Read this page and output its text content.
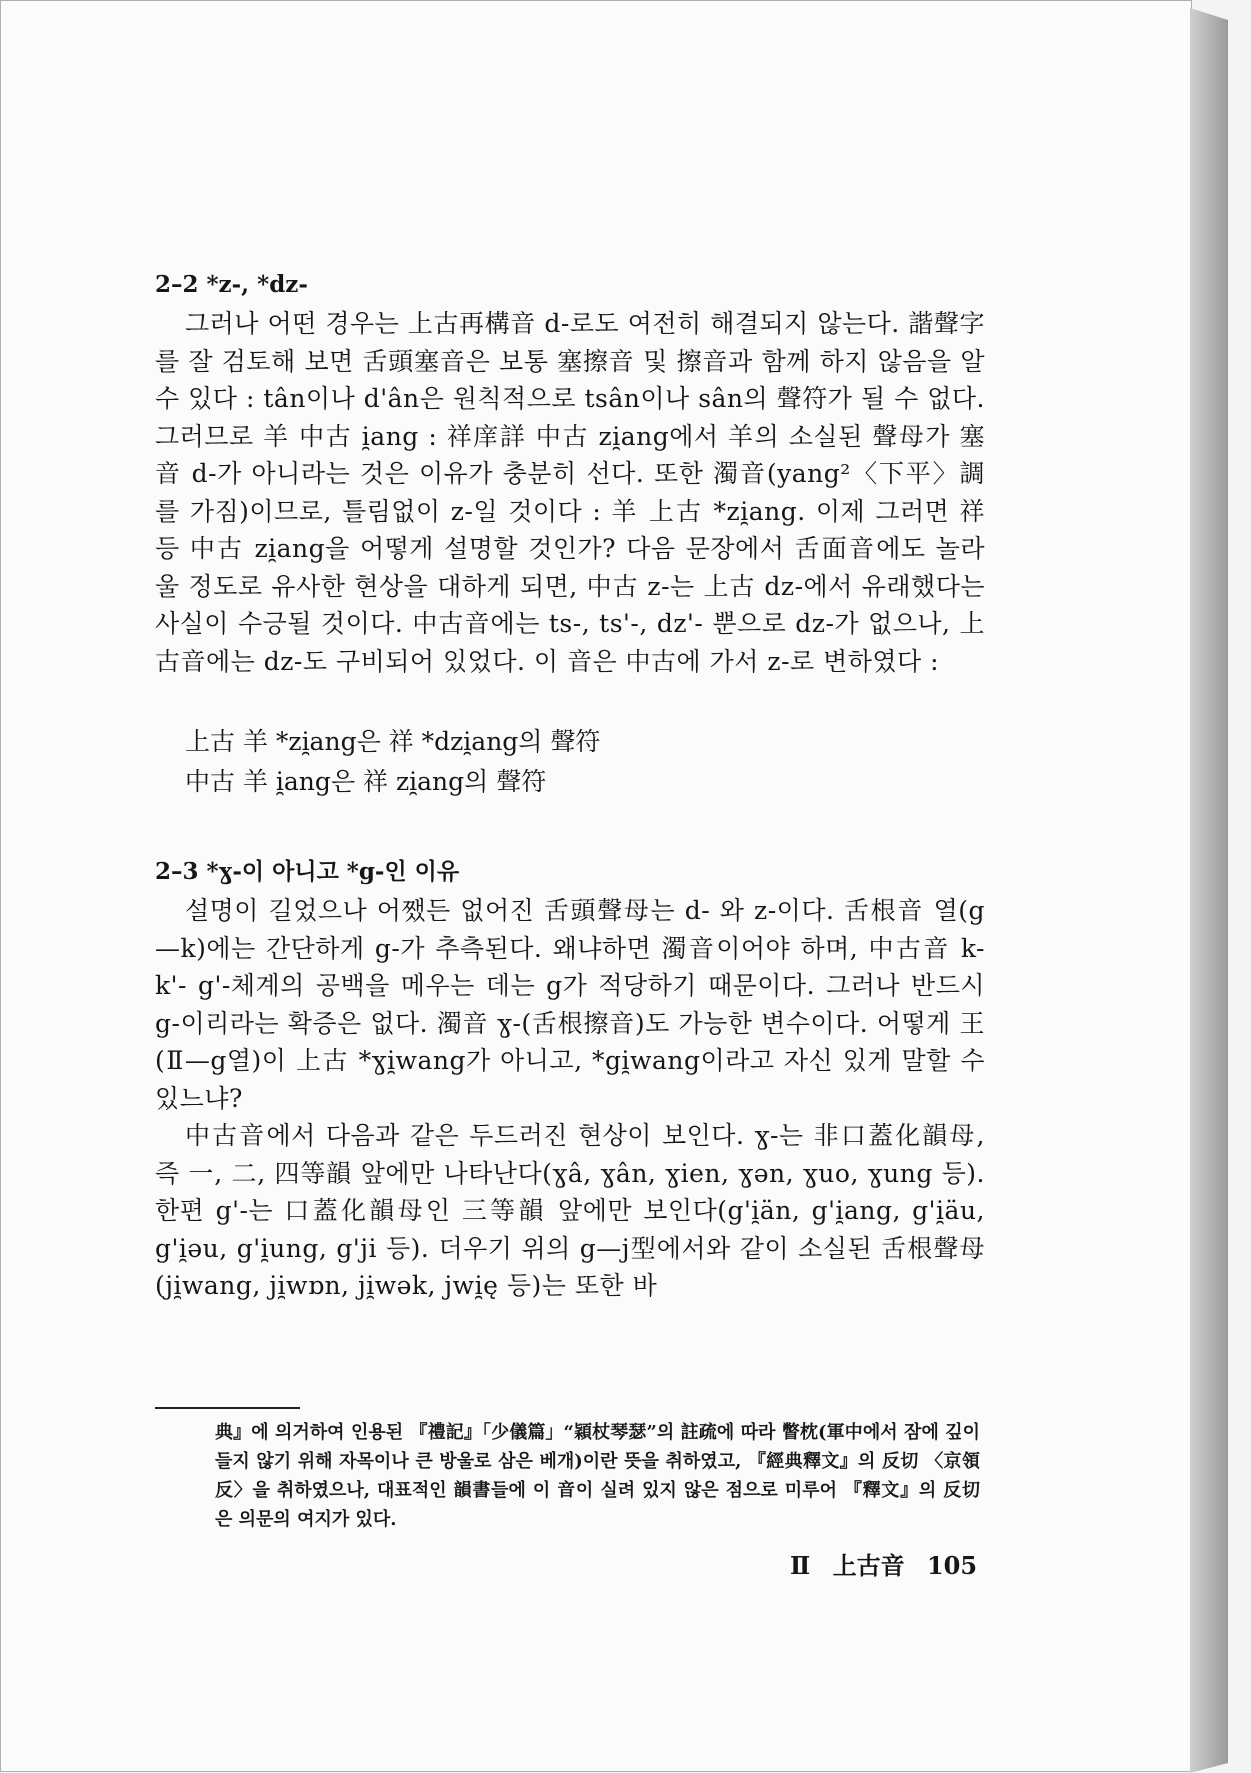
2–2 *z-, *dz-

그러나 어떤 경우는 上古再構音 d-로도 여전히 해결되지 않는다. 諧聲字를 잘 검토해 보면 舌頭塞音은 보통 塞擦音 및 擦音과 함께 하지 않음을 알 수 있다 : tân이나 d'ân은 원칙적으로 tsân이나 sân의 聲符가 될 수 없다. 그러므로 羊 中古 i̯ang : 祥庠詳 中古 zi̯ang에서 羊의 소실된 聲母가 塞音 d-가 아니라는 것은 이유가 충분히 선다. 또한 濁音(yang²〈下平〉調를 가짐)이므로, 틀림없이 z-일 것이다 : 羊 上古 *zi̯ang. 이제 그러면 祥 등 中古 zi̯ang을 어떻게 설명할 것인가? 다음 문장에서 舌面音에도 놀라울 정도로 유사한 현상을 대하게 되면, 中古 z-는 上古 dz-에서 유래했다는 사실이 수긍될 것이다. 中古音에는 ts-, ts'-, dz'- 뿐으로 dz-가 없으나, 上古音에는 dz-도 구비되어 있었다. 이 音은 中古에 가서 z-로 변하였다 :

上古 羊 *zi̯ang은 祥 *dzi̯ang의 聲符

中古 羊 i̯ang은 祥 zi̯ang의 聲符

2–3 *ɣ-이 아니고 *g-인 이유

설명이 길었으나 어쨌든 없어진 舌頭聲母는 d- 와 z-이다. 舌根音 열(g—k)에는 간단하게 g-가 추측된다. 왜냐하면 濁音이어야 하며, 中古音 k- k'- g'-체계의 공백을 메우는 데는 g가 적당하기 때문이다. 그러나 반드시 g-이리라는 확증은 없다. 濁音 ɣ-(舌根擦音)도 가능한 변수이다. 어떻게 王(Ⅱ—g열)이 上古 *ɣi̯wang가 아니고, *gi̯wang이라고 자신 있게 말할 수 있느냐?

中古音에서 다음과 같은 두드러진 현상이 보인다. ɣ-는 非口蓋化韻母, 즉 一, 二, 四等韻 앞에만 나타난다(ɣâ, ɣân, ɣien, ɣən, ɣuo, ɣung 등). 한편 g'-는 口蓋化韻母인 三等韻 앞에만 보인다(g'i̯än, g'i̯ang, g'i̯äu, g'i̯əu, g'i̯ung, g'ji 등). 더우기 위의 g—j型에서와 같이 소실된 舌根聲母(ji̯wang, ji̯wɒn, ji̯wək, jwi̯ę 등)는 또한 바

典』에 의거하여 인용된 『禮記』「少儀篇」“穎杖琴瑟”의 註疏에 따라 瞥枕(軍中에서 잠에 깊이 들지 않기 위해 자목이나 큰 방울로 삼은 베개)이란 뜻을 취하였고, 『經典釋文』의 反切 〈京領反〉을 취하였으나, 대표적인 韻書들에 이 音이 실려 있지 않은 점으로 미루어 『釋文』의 反切은 의문의 여지가 있다.

Ⅱ 上古音 105
